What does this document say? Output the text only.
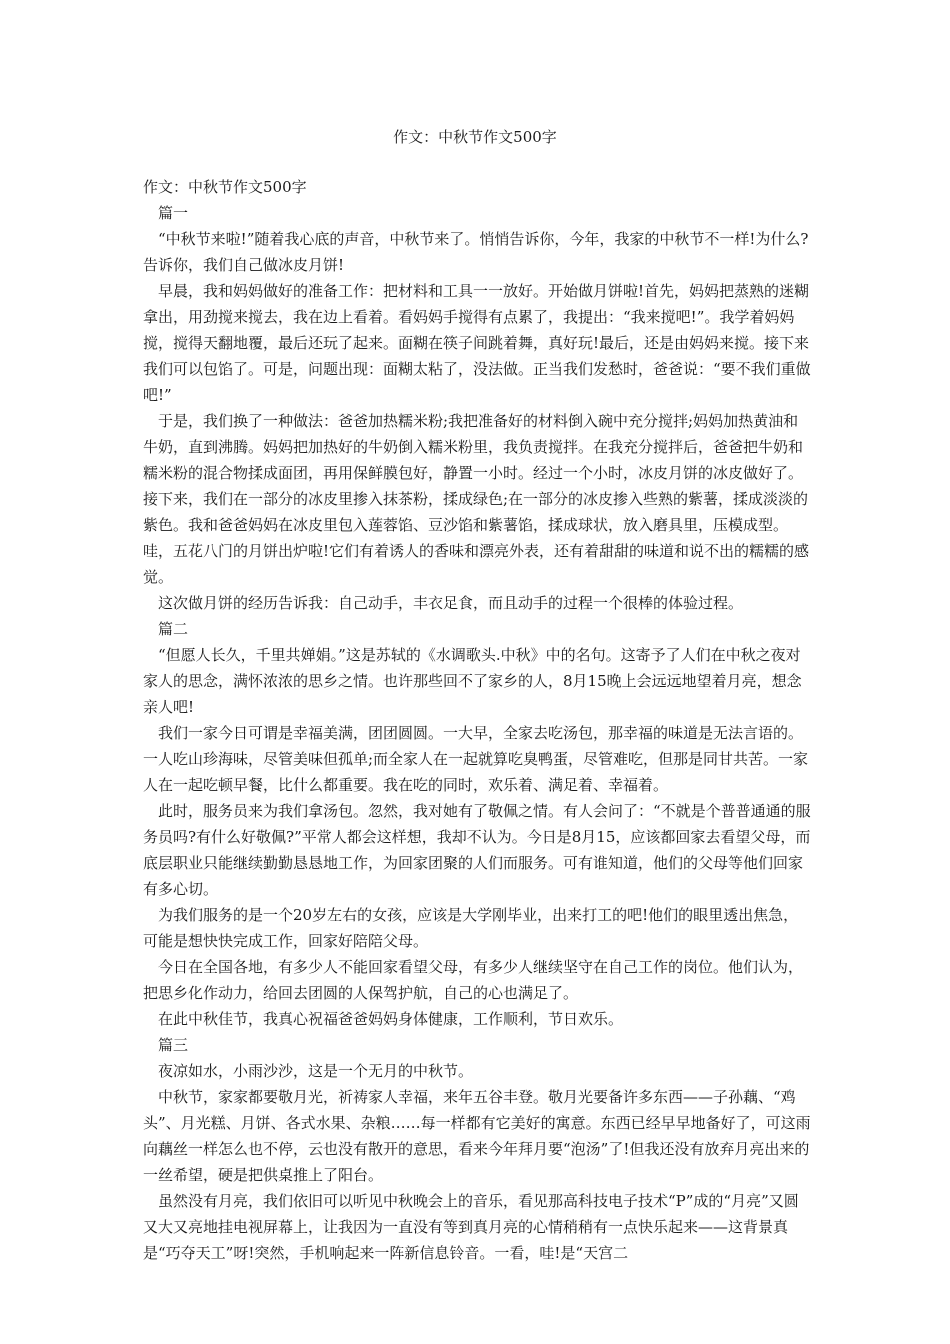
作文：中秋节作文500字

作文：中秋节作文500字

篇一

“中秋节来啦!”随着我心底的声音，中秋节来了。悄悄告诉你，今年，我家的中秋节不一样!为什么?告诉你，我们自己做冰皮月饼!

早晨，我和妈妈做好的准备工作：把材料和工具一一放好。开始做月饼啦!首先，妈妈把蒸熟的迷糊拿出，用劲搅来搅去，我在边上看着。看妈妈手搅得有点累了，我提出：“我来搅吧!”。我学着妈妈搅，搅得天翻地覆，最后还玩了起来。面糊在筷子间跳着舞，真好玩!最后，还是由妈妈来搅。接下来我们可以包馅了。可是，问题出现：面糊太粘了，没法做。正当我们发愁时，爸爸说：“要不我们重做吧!”

于是，我们换了一种做法：爸爸加热糯米粉;我把准备好的材料倒入碗中充分搅拌;妈妈加热黄油和牛奶，直到沸腾。妈妈把加热好的牛奶倒入糯米粉里，我负责搅拌。在我充分搅拌后，爸爸把牛奶和糯米粉的混合物揉成面团，再用保鲜膜包好，静置一小时。经过一个小时，冰皮月饼的冰皮做好了。接下来，我们在一部分的冰皮里掺入抹茶粉，揉成绿色;在一部分的冰皮掺入些熟的紫薯，揉成淡淡的紫色。我和爸爸妈妈在冰皮里包入莲蓉馅、豆沙馅和紫薯馅，揉成球状，放入磨具里，压模成型。哇，五花八门的月饼出炉啦!它们有着诱人的香味和漂亮外表，还有着甜甜的味道和说不出的糯糯的感觉。

这次做月饼的经历告诉我：自己动手，丰衣足食，而且动手的过程一个很棒的体验过程。

篇二

“但愿人长久，千里共婵娟。”这是苏轼的《水调歌头.中秋》中的名句。这寄予了人们在中秋之夜对家人的思念，满怀浓浓的思乡之情。也许那些回不了家乡的人，8月15晚上会远远地望着月亮，想念亲人吧!

我们一家今日可谓是幸福美满，团团圆圆。一大早，全家去吃汤包，那幸福的味道是无法言语的。一人吃山珍海味，尽管美味但孤单;而全家人在一起就算吃臭鸭蛋，尽管难吃，但那是同甘共苦。一家人在一起吃顿早餐，比什么都重要。我在吃的同时，欢乐着、满足着、幸福着。

此时，服务员来为我们拿汤包。忽然，我对她有了敬佩之情。有人会问了：“不就是个普普通通的服务员吗?有什么好敬佩?”平常人都会这样想，我却不认为。今日是8月15，应该都回家去看望父母，而底层职业只能继续勤勤恳恳地工作，为回家团聚的人们而服务。可有谁知道，他们的父母等他们回家有多心切。

为我们服务的是一个20岁左右的女孩，应该是大学刚毕业，出来打工的吧!他们的眼里透出焦急，可能是想快快完成工作，回家好陪陪父母。

今日在全国各地，有多少人不能回家看望父母，有多少人继续坚守在自己工作的岗位。他们认为，把思乡化作动力，给回去团圆的人保驾护航，自己的心也满足了。

在此中秋佳节，我真心祝福爸爸妈妈身体健康，工作顺利，节日欢乐。

篇三

夜凉如水，小雨沙沙，这是一个无月的中秋节。

中秋节，家家都要敬月光，祈祷家人幸福，来年五谷丰登。敬月光要备许多东西——子孙藕、“鸡头”、月光糕、月饼、各式水果、杂粮……每一样都有它美好的寓意。东西已经早早地备好了，可这雨向藕丝一样怎么也不停，云也没有散开的意思，看来今年拜月要“泡汤”了!但我还没有放弃月亮出来的一丝希望，硬是把供桌推上了阳台。

虽然没有月亮，我们依旧可以听见中秋晚会上的音乐，看见那高科技电子技术“P”成的“月亮”又圆又大又亮地挂电视屏幕上，让我因为一直没有等到真月亮的心情稍稍有一点快乐起来——这背景真是“巧夺天工”呀!突然，手机响起来一阵新信息铃音。一看，哇!是“天宫二
